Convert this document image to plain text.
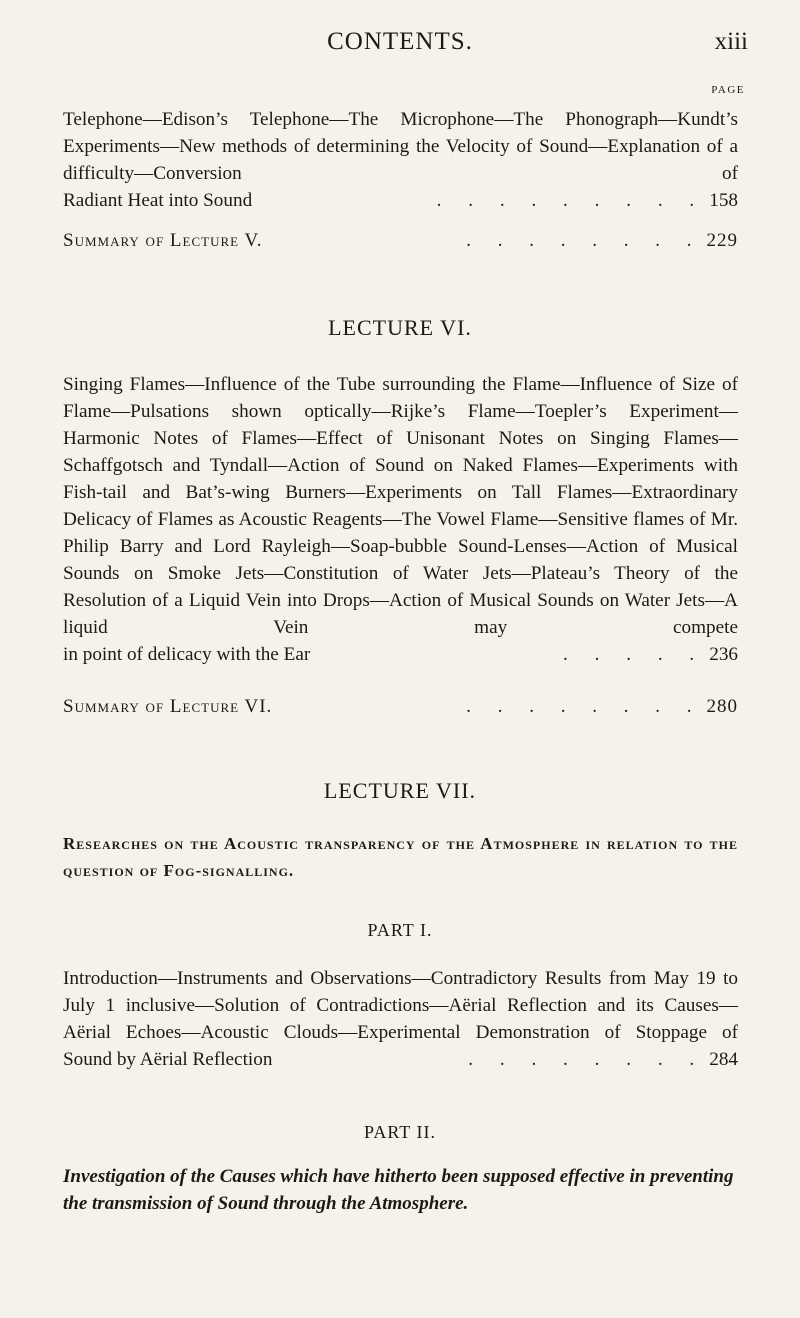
CONTENTS.	xiii
PAGE
Telephone—Edison’s Telephone—The Microphone—The Phonograph—Kundt’s Experiments—New methods of determining the Velocity of Sound—Explanation of a difficulty—Conversion of
Radiant Heat into Sound	. . . . . . . . . 158
Summary of Lecture V.	. . . . . . . . 229
LECTURE VI.
Singing Flames—Influence of the Tube surrounding the Flame—Influence of Size of Flame—Pulsations shown optically—Rijke’s Flame—Toepler’s Experiment—Harmonic Notes of Flames—Effect of Unisonant Notes on Singing Flames—Schaffgotsch and Tyndall—Action of Sound on Naked Flames—Experiments with Fish-tail and Bat’s-wing Burners—Experiments on Tall Flames—Extraordinary Delicacy of Flames as Acoustic Reagents—The Vowel Flame—Sensitive flames of Mr. Philip Barry and Lord Rayleigh—Soap-bubble Sound-Lenses—Action of Musical Sounds on Smoke Jets—Constitution of Water Jets—Plateau’s Theory of the Resolution of a Liquid Vein into Drops—Action of Musical Sounds on Water Jets—A liquid Vein may compete
in point of delicacy with the Ear	. . . . . 236
Summary of Lecture VI.	. . . . . . . . 280
LECTURE VII.
Researches on the Acoustic transparency of the Atmosphere in relation to the question of Fog-signalling.
PART I.
Introduction—Instruments and Observations—Contradictory Results from May 19 to July 1 inclusive—Solution of Contradictions—Aërial Reflection and its Causes—Aërial Echoes—Acoustic Clouds—Experimental Demonstration of Stoppage of
Sound by Aërial Reflection	. . . . . . . . 284
PART II.
Investigation of the Causes which have hitherto been supposed effective in preventing the transmission of Sound through the Atmosphere.
